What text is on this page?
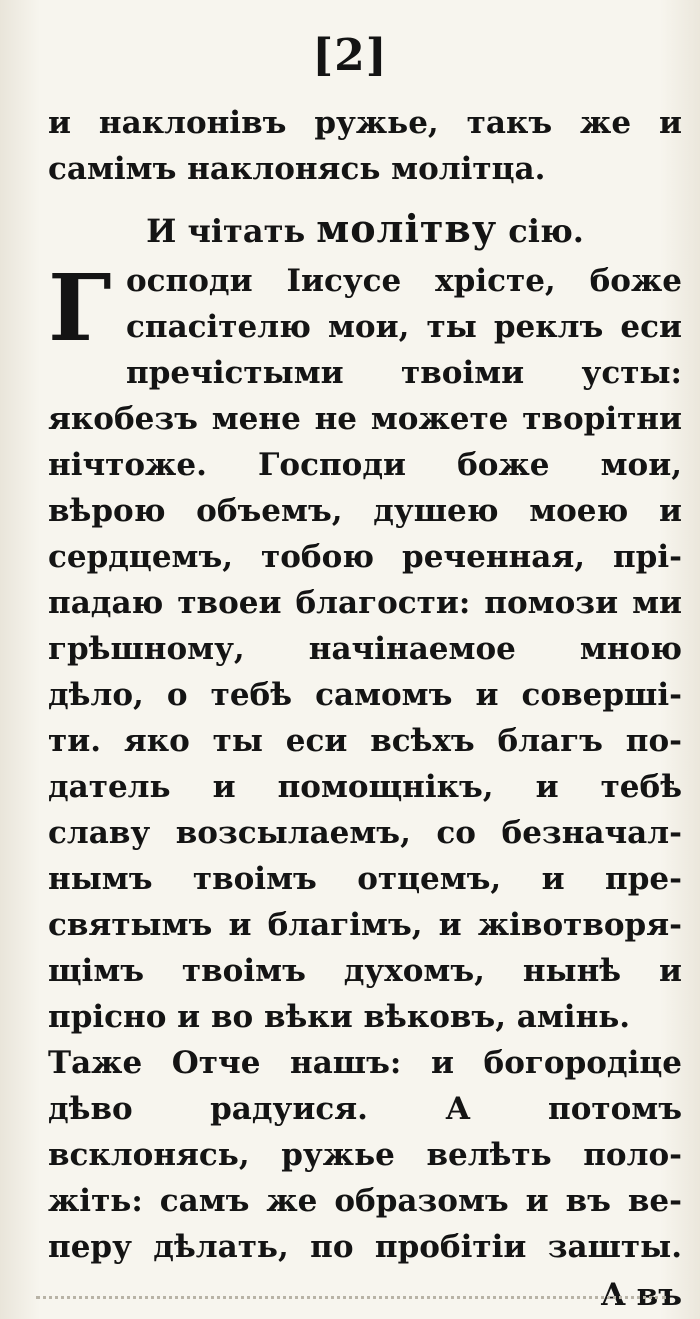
[2]
и наклонівъ ружье, такъ же и
самімъ наклонясь молітца.
И чітать молітву сію.
Г осподи Іисусе хрісте, боже
спасітелю мои, ты реклъ еси
пречістыми твоіми усты:
якобезъ мене не можете творітни
нічтоже. Господи боже мои,
вѣрою объемъ, душею моею и
сердцемъ, тобою реченная, прі-
падаю твоеи благости: помози ми
грѣшному, начінаемое мною
дѣло, о тебѣ самомъ и соверші-
ти. яко ты еси всѣхъ благъ по-
датель и помощнікъ, и тебѣ
славу возсылаемъ, со безначал-
нымъ твоімъ отцемъ, и пре-
святымъ и благімъ, и жівотворя-
щімъ твоімъ духомъ, нынѣ и
прісно и во вѣки вѣковъ, амінь.
Таже Отче нашъ: и богородіце
дѣво радуися. А потомъ
всклонясь, ружье велѣть поло-
жіть: самъ же образомъ и въ ве-
перу дѣлать, по пробітіи зашты.
А въ
